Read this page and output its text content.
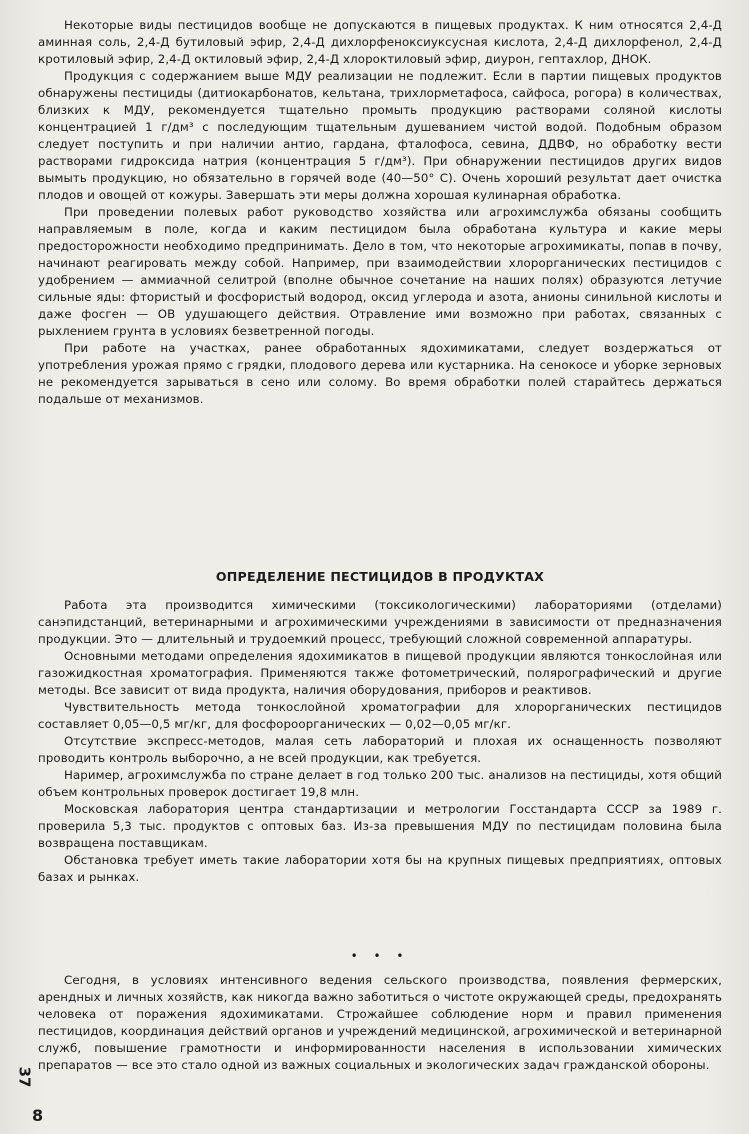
Некоторые виды пестицидов вообще не допускаются в пищевых продуктах. К ним относятся 2,4-Д аминная соль, 2,4-Д бутиловый эфир, 2,4-Д дихлорфеноксиуксусная кислота, 2,4-Д дихлорфенол, 2,4-Д кротиловый эфир, 2,4-Д октиловый эфир, 2,4-Д хлороктиловый эфир, диурон, гептахлор, ДНОК.

Продукция с содержанием выше МДУ реализации не подлежит. Если в партии пищевых продуктов обнаружены пестициды (дитиокарбонатов, кельтана, трихлорметафоса, сайфоса, рогора) в количествах, близких к МДУ, рекомендуется тщательно промыть продукцию растворами соляной кислоты концентрацией 1 г/дм³ с последующим тщательным душеванием чистой водой. Подобным образом следует поступить и при наличии антио, гардана, фталофоса, севина, ДДВФ, но обработку вести растворами гидроксида натрия (концентрация 5 г/дм³). При обнаружении пестицидов других видов вымыть продукцию, но обязательно в горячей воде (40—50° С). Очень хороший результат дает очистка плодов и овощей от кожуры. Завершать эти меры должна хорошая кулинарная обработка.

При проведении полевых работ руководство хозяйства или агрохимслужба обязаны сообщить направляемым в поле, когда и каким пестицидом была обработана культура и какие меры предосторожности необходимо предпринимать. Дело в том, что некоторые агрохимикаты, попав в почву, начинают реагировать между собой. Например, при взаимодействии хлорорганических пестицидов с удобрением — аммиачной селитрой (вполне обычное сочетание на наших полях) образуются летучие сильные яды: фтористый и фосфористый водород, оксид углерода и азота, анионы синильной кислоты и даже фосген — ОВ удушающего действия. Отравление ими возможно при работах, связанных с рыхлением грунта в условиях безветренной погоды.

При работе на участках, ранее обработанных ядохимикатами, следует воздержаться от употребления урожая прямо с грядки, плодового дерева или кустарника. На сенокосе и уборке зерновых не рекомендуется зарываться в сено или солому. Во время обработки полей старайтесь держаться подальше от механизмов.

ОПРЕДЕЛЕНИЕ ПЕСТИЦИДОВ В ПРОДУКТАХ

Работа эта производится химическими (токсикологическими) лабораториями (отделами) санэпидстанций, ветеринарными и агрохимическими учреждениями в зависимости от предназначения продукции. Это — длительный и трудоемкий процесс, требующий сложной современной аппаратуры.

Основными методами определения ядохимикатов в пищевой продукции являются тонкослойная или газожидкостная хроматография. Применяются также фотометрический, полярографический и другие методы. Все зависит от вида продукта, наличия оборудования, приборов и реактивов.

Чувствительность метода тонкослойной хроматографии для хлорорганических пестицидов составляет 0,05—0,5 мг/кг, для фосфороорганических — 0,02—0,05 мг/кг.

Отсутствие экспресс-методов, малая сеть лабораторий и плохая их оснащенность позволяют проводить контроль выборочно, а не всей продукции, как требуется.

Наример, агрохимслужба по стране делает в год только 200 тыс. анализов на пестициды, хотя общий объем контрольных проверок достигает 19,8 млн.

Московская лаборатория центра стандартизации и метрологии Госстандарта СССР за 1989 г. проверила 5,3 тыс. продуктов с оптовых баз. Из-за превышения МДУ по пестицидам половина была возвращена поставщикам.

Обстановка требует иметь такие лаборатории хотя бы на крупных пищевых предприятиях, оптовых базах и рынках.

• • •

Сегодня, в условиях интенсивного ведения сельского производства, появления фермерских, арендных и личных хозяйств, как никогда важно заботиться о чистоте окружающей среды, предохранять человека от поражения ядохимикатами. Строжайшее соблюдение норм и правил применения пестицидов, координация действий органов и учреждений медицинской, агрохимической и ветеринарной служб, повышение грамотности и информированности населения в использовании химических препаратов — все это стало одной из важных социальных и экологических задач гражданской обороны.

37
8
